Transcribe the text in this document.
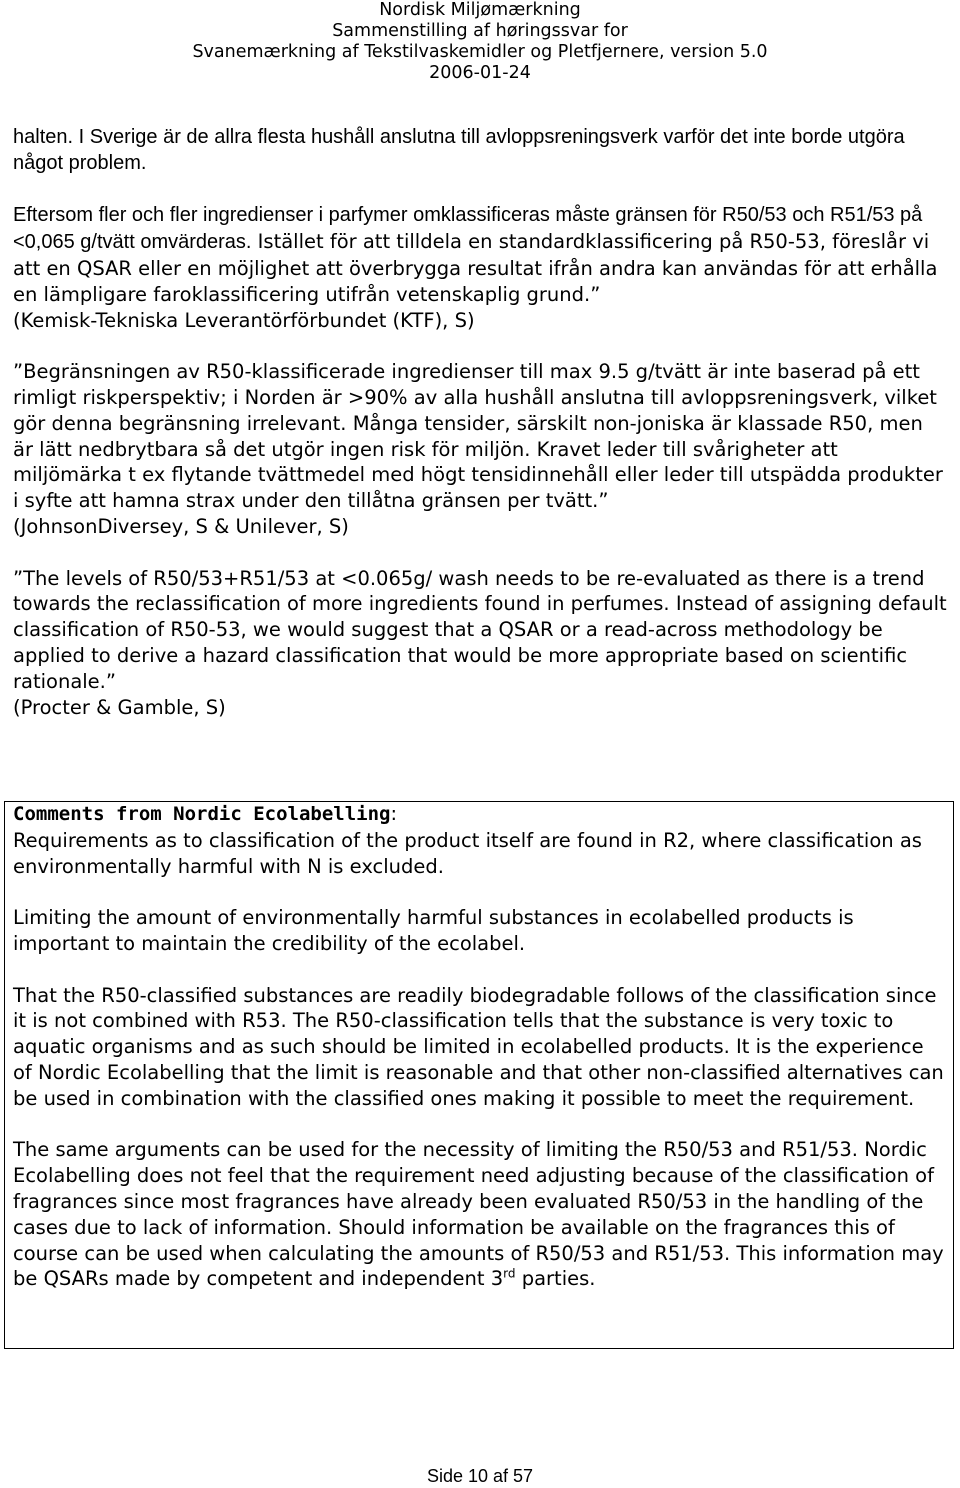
Nordisk Miljømærkning
Sammenstilling af høringssvar for
Svanemærkning af Tekstilvaskemidler og Pletfjernere, version 5.0
2006-01-24

halten. I Sverige är de allra flesta hushåll anslutna till avloppsreningsverk varför det inte borde utgöra något problem.

Eftersom fler och fler ingredienser i parfymer omklassificeras måste gränsen för R50/53 och R51/53 på <0,065 g/tvätt omvärderas. Istället för att tilldela en standardklassificering på R50-53, föreslår vi att en QSAR eller en möjlighet att överbrygga resultat ifrån andra kan användas för att erhålla en lämpligare faroklassificering utifrån vetenskaplig grund.”

(Kemisk-Tekniska Leverantörförbundet (KTF), S)

”Begränsningen av R50-klassificerade ingredienser till max 9.5 g/tvätt är inte baserad på ett rimligt riskperspektiv; i Norden är >90% av alla hushåll anslutna till avloppsreningsverk, vilket gör denna begränsning irrelevant. Många tensider, särskilt non-joniska är klassade R50, men är lätt nedbrytbara så det utgör ingen risk för miljön. Kravet leder till svårigheter att miljömärka t ex flytande tvättmedel med högt tensidinnehåll eller leder till utspädda produkter i syfte att hamna strax under den tillåtna gränsen per tvätt.”

(JohnsonDiversey, S & Unilever, S)

”The levels of R50/53+R51/53 at <0.065g/ wash needs to be re-evaluated as there is a trend towards the reclassification of more ingredients found in perfumes. Instead of assigning default classification of R50-53, we would suggest that a QSAR or a read-across methodology be applied to derive a hazard classification that would be more appropriate based on scientific rationale.”

(Procter & Gamble, S)

Comments from Nordic Ecolabelling:

Requirements as to classification of the product itself are found in R2, where classification as environmentally harmful with N is excluded.

Limiting the amount of environmentally harmful substances in ecolabelled products is important to maintain the credibility of the ecolabel.

That the R50-classified substances are readily biodegradable follows of the classification since it is not combined with R53. The R50-classification tells that the substance is very toxic to aquatic organisms and as such should be limited in ecolabelled products. It is the experience of Nordic Ecolabelling that the limit is reasonable and that other non-classified alternatives can be used in combination with the classified ones making it possible to meet the requirement.

The same arguments can be used for the necessity of limiting the R50/53 and R51/53. Nordic Ecolabelling does not feel that the requirement need adjusting because of the classification of fragrances since most fragrances have already been evaluated R50/53 in the handling of the cases due to lack of information. Should information be available on the fragrances this of course can be used when calculating the amounts of R50/53 and R51/53. This information may be QSARs made by competent and independent 3rd parties.

Side 10 af 57
